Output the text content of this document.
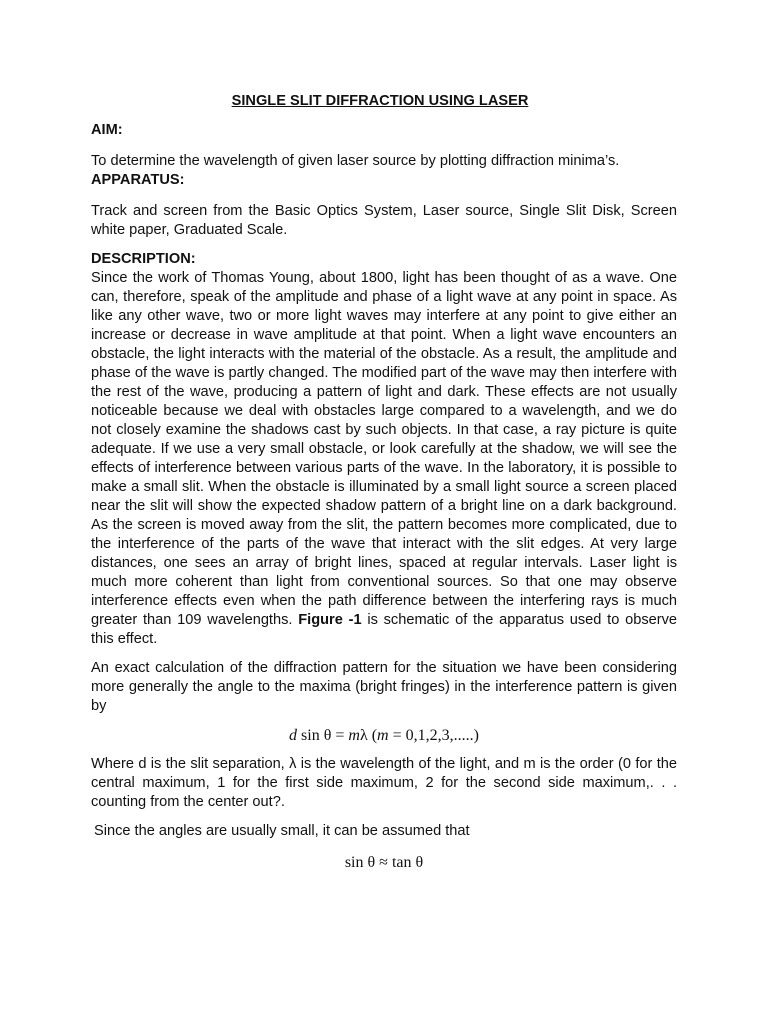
SINGLE SLIT DIFFRACTION USING LASER

AIM:

To determine the wavelength of given laser source by plotting diffraction minima’s.

APPARATUS:

Track and screen from the Basic Optics System, Laser source, Single Slit Disk, Screen white paper, Graduated Scale.

DESCRIPTION:

Since the work of Thomas Young, about 1800, light has been thought of as a wave. One can, therefore, speak of the amplitude and phase of a light wave at any point in space. As like any other wave, two or more light waves may interfere at any point to give either an increase or decrease in wave amplitude at that point. When a light wave encounters an obstacle, the light interacts with the material of the obstacle. As a result, the amplitude and phase of the wave is partly changed. The modified part of the wave may then interfere with the rest of the wave, producing a pattern of light and dark. These effects are not usually noticeable because we deal with obstacles large compared to a wavelength, and we do not closely examine the shadows cast by such objects. In that case, a ray picture is quite adequate. If we use a very small obstacle, or look carefully at the shadow, we will see the effects of interference between various parts of the wave. In the laboratory, it is possible to make a small slit. When the obstacle is illuminated by a small light source a screen placed near the slit will show the expected shadow pattern of a bright line on a dark background. As the screen is moved away from the slit, the pattern becomes more complicated, due to the interference of the parts of the wave that interact with the slit edges. At very large distances, one sees an array of bright lines, spaced at regular intervals. Laser light is much more coherent than light from conventional sources. So that one may observe interference effects even when the path difference between the interfering rays is much greater than 109 wavelengths. Figure -1 is schematic of the apparatus used to observe this effect.

An exact calculation of the diffraction pattern for the situation we have been considering more generally the angle to the maxima (bright fringes) in the interference pattern is given by

d sin θ = mλ (m = 0,1,2,3,.....)

Where d is the slit separation, λ is the wavelength of the light, and m is the order (0 for the central maximum, 1 for the first side maximum, 2 for the second side maximum,. . . counting from the center out?.

Since the angles are usually small, it can be assumed that

sin θ ≈ tan θ
